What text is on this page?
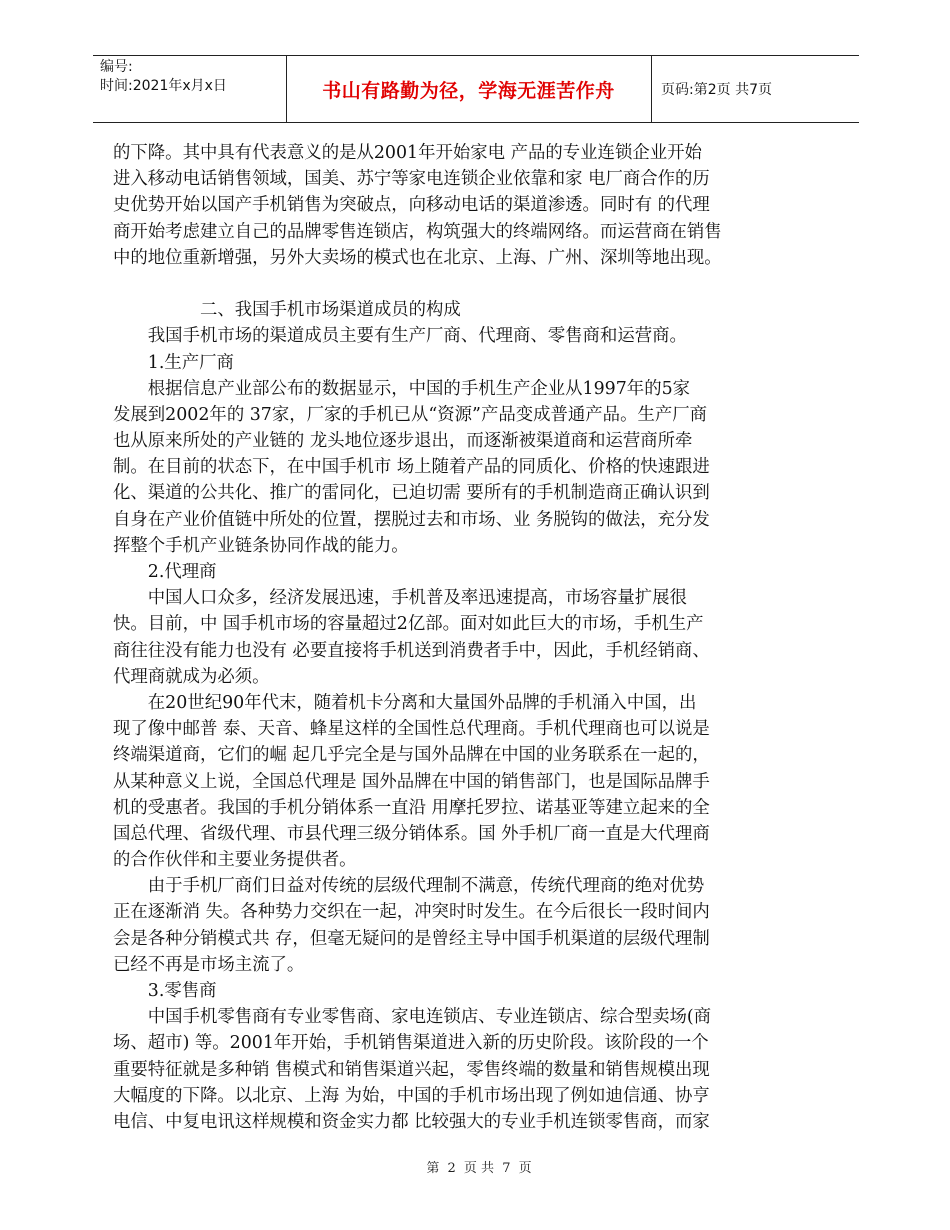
编号:
时间:2021年x月x日	书山有路勤为径，学海无涯苦作舟	页码:第2页 共7页
的下降。其中具有代表意义的是从2001年开始家电 产品的专业连锁企业开始
进入移动电话销售领域，国美、苏宁等家电连锁企业依靠和家 电厂商合作的历
史优势开始以国产手机销售为突破点，向移动电话的渠道渗透。同时有 的代理
商开始考虑建立自己的品牌零售连锁店，构筑强大的终端网络。而运营商在销售
中的地位重新增强，另外大卖场的模式也在北京、上海、广州、深圳等地出现。
　　　　　二、我国手机市场渠道成员的构成
　　我国手机市场的渠道成员主要有生产厂商、代理商、零售商和运营商。
　　1.生产厂商
　　根据信息产业部公布的数据显示，中国的手机生产企业从1997年的5家
发展到2002年的 37家，厂家的手机已从“资源”产品变成普通产品。生产厂商
也从原来所处的产业链的 龙头地位逐步退出，而逐渐被渠道商和运营商所牵
制。在目前的状态下，在中国手机市 场上随着产品的同质化、价格的快速跟进
化、渠道的公共化、推广的雷同化，已迫切需 要所有的手机制造商正确认识到
自身在产业价值链中所处的位置，摆脱过去和市场、业 务脱钩的做法，充分发
挥整个手机产业链条协同作战的能力。
　　2.代理商
　　中国人口众多，经济发展迅速，手机普及率迅速提高，市场容量扩展很
快。目前，中 国手机市场的容量超过2亿部。面对如此巨大的市场，手机生产
商往往没有能力也没有 必要直接将手机送到消费者手中，因此，手机经销商、
代理商就成为必须。
　　在20世纪90年代末，随着机卡分离和大量国外品牌的手机涌入中国，出
现了像中邮普 泰、天音、蜂星这样的全国性总代理商。手机代理商也可以说是
终端渠道商，它们的崛 起几乎完全是与国外品牌在中国的业务联系在一起的，
从某种意义上说，全国总代理是 国外品牌在中国的销售部门，也是国际品牌手
机的受惠者。我国的手机分销体系一直沿 用摩托罗拉、诺基亚等建立起来的全
国总代理、省级代理、市县代理三级分销体系。国 外手机厂商一直是大代理商
的合作伙伴和主要业务提供者。
　　由于手机厂商们日益对传统的层级代理制不满意，传统代理商的绝对优势
正在逐渐消 失。各种势力交织在一起，冲突时时发生。在今后很长一段时间内
会是各种分销模式共 存，但毫无疑问的是曾经主导中国手机渠道的层级代理制
已经不再是市场主流了。
　　3.零售商
　　中国手机零售商有专业零售商、家电连锁店、专业连锁店、综合型卖场(商
场、超市) 等。2001年开始，手机销售渠道进入新的历史阶段。该阶段的一个
重要特征就是多种销 售模式和销售渠道兴起，零售终端的数量和销售规模出现
大幅度的下降。以北京、上海 为始，中国的手机市场出现了例如迪信通、协亨
电信、中复电讯这样规模和资金实力都 比较强大的专业手机连锁零售商，而家
第 2 页 共 7 页
